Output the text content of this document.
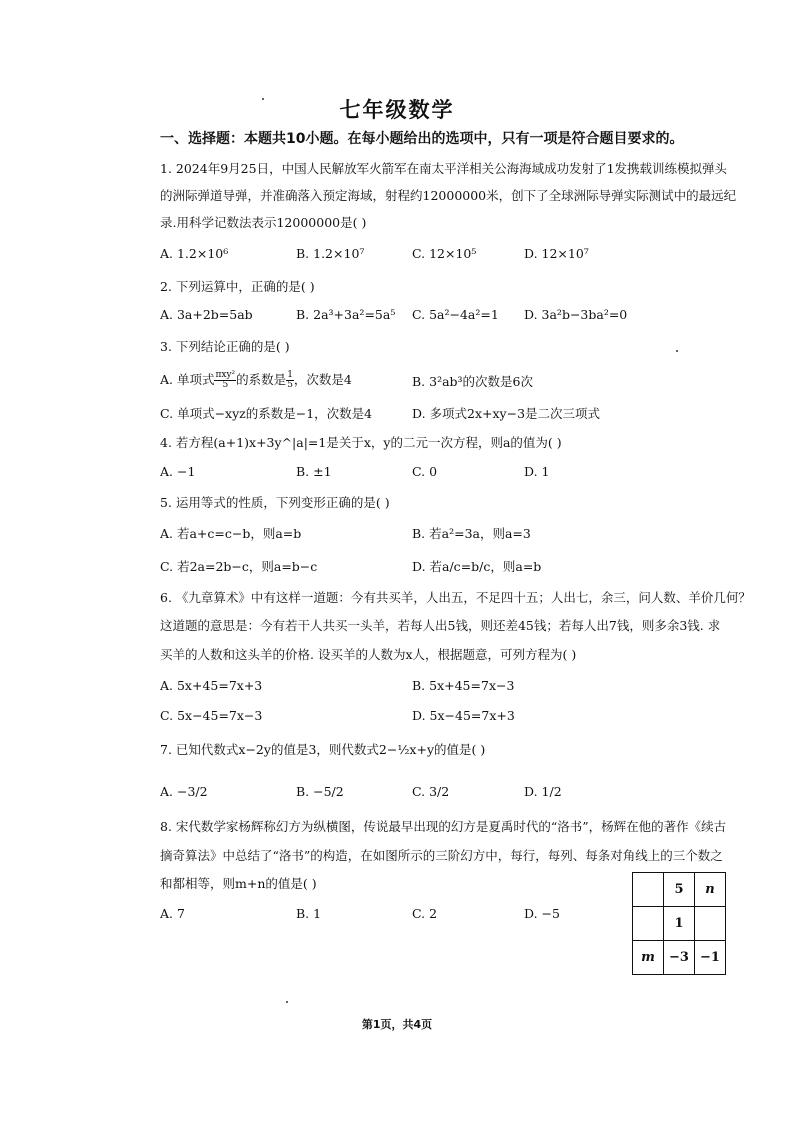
七年级数学
一、选择题：本题共10小题。在每小题给出的选项中，只有一项是符合题目要求的。
1. 2024年9月25日，中国人民解放军火箭军在南太平洋相关公海海域成功发射了1发携载训练模拟弹头
的洲际弹道导弹，并准确落入预定海域，射程约12000000米，创下了全球洲际导弹实际测试中的最远纪
录.用科学记数法表示12000000是( )
A. 1.2×10⁶	B. 1.2×10⁷	C. 12×10⁵	D. 12×10⁷
2. 下列运算中，正确的是( )
A. 3a+2b=5ab	B. 2a³+3a²=5a⁵ C. 5a²−4a²=1 D. 3a²b−3ba²=0
3. 下列结论正确的是( )
A. 单项式 $\frac{\text{πxy²}}{5}$ 的系数是 $\frac{1}{5}$ ，次数是4	B. 3²ab³的次数是6次
C. 单项式−xyz的系数是−1，次数是4	D. 多项式2x+xy−3是二次三项式
4. 若方程(a+1)x+3y^|a|=1是关于x，y的二元一次方程，则a的值为( )
A. −1	B. ±1	C. 0	D. 1
5. 运用等式的性质，下列变形正确的是( )
A. 若a+c=c−b，则a=b	B. 若a²=3a，则a=3
C. 若2a=2b−c，则a=b−c	D. 若a/c=b/c，则a=b
6. 《九章算术》中有这样一道题：今有共买羊，人出五，不足四十五；人出七，余三，问人数、羊价几何？
这道题的意思是：今有若干人共买一头羊，若每人出5钱，则还差45钱；若每人出7钱，则多余3钱. 求
买羊的人数和这头羊的价格. 设买羊的人数为x人，根据题意，可列方程为( )
A. 5x+45=7x+3	B. 5x+45=7x−3
C. 5x−45=7x−3	D. 5x−45=7x+3
7. 已知代数式x−2y的值是3，则代数式2−½x+y的值是( )
A. −3/2	B. −5/2	C. 3/2	D. 1/2
8. 宋代数学家杨辉称幻方为纵横图，传说最早出现的幻方是夏禹时代的“洛书”，杨辉在他的著作《续古
摘奇算法》中总结了“洛书”的构造，在如图所示的三阶幻方中，每行，每列、每条对角线上的三个数之
和都相等，则m+n的值是( )
A. 7	B. 1	C. 2	D. −5
	5	n
	1	
m	−3	−1
第1页，共4页
